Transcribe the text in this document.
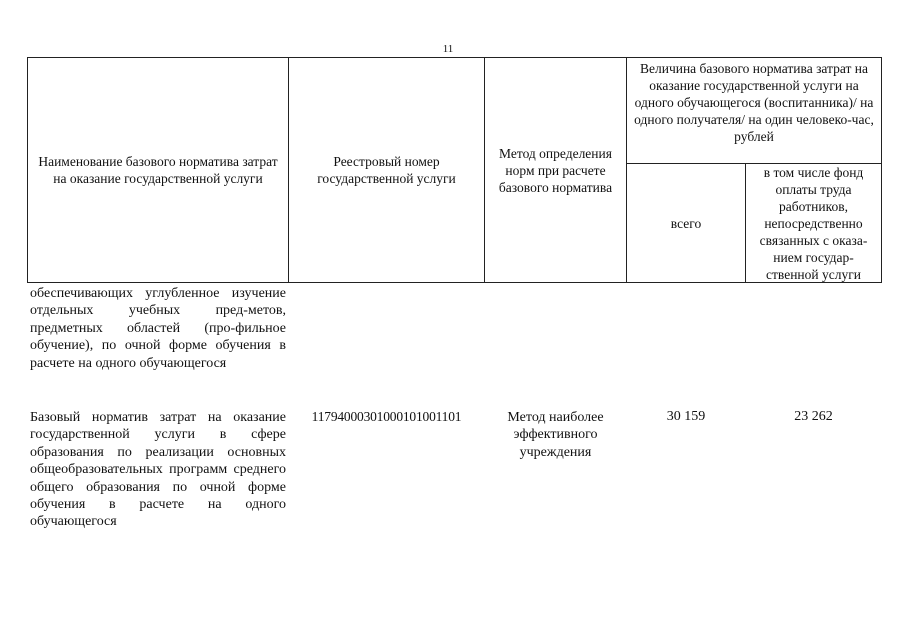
11
Наименование базового норматива затрат на оказание государственной услуги
Реестровый номер государственной услуги
Метод определения норм при расчете базового норматива
Величина базового норматива затрат на оказание государственной услуги на одного обучающегося (воспитанника)/ на одного получателя/ на один человеко-час, рублей
всего
в том числе фонд оплаты труда работников, непосредственно связанных с оказа-нием государ-ственной услуги
обеспечивающих углубленное изучение отдельных учебных пред-метов, предметных областей (про-фильное обучение), по очной форме обучения в расчете на одного обучающегося
Базовый норматив затрат на оказание государственной услуги в сфере образования по реализации основных общеобразовательных программ среднего общего образования по очной форме обучения в расчете на одного обучающегося
11794000301000101001101	Метод наиболее эффективного учреждения
30 159	23 262
